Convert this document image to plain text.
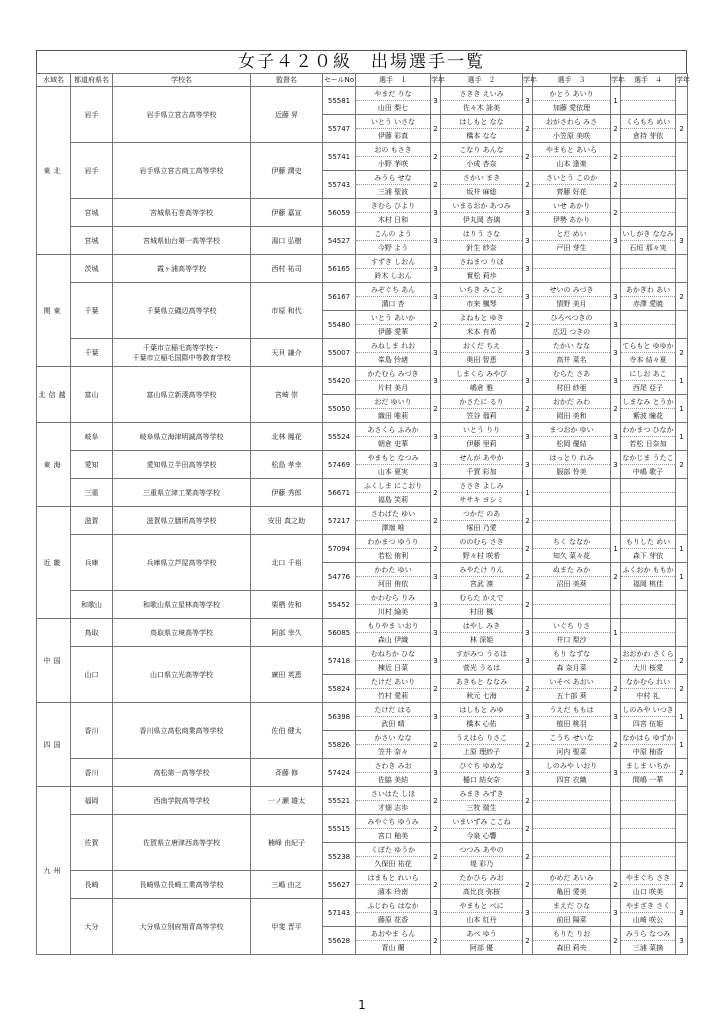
女子４２０級　出場選手一覧
水域名	都道府県名	学校名	監督名	セールNo	選手　１	学年	選手　２	学年	選手　３	学年	選手　４	学年
東北	岩手	岩手県立宮古高等学校	近藤 昇	55581	やまだ りな	3	さきき えいみ	3	かとう あいり	1		
					山田 梨七		佐々木 詠美		加藤 愛依理			
				55747	いとう いさな	2	はしもと なな	2	おがさわら みさ	2	くらもち めい	2
					伊藤 彩真		橋本 なな		小笠原 美咲		倉持 芽依	
	岩手	岩手県立宮古商工高等学校	伊藤 潤史	55741	おの もさき	2	こなり あんな	2	やまもと あいら	2		
					小野 茅咲		小成 杏奈		山本 逢楽			
				55743	みうら せな	2	さかい まき	2	さいとう このか	2		
					三浦 聖波		坂井 麻総		齊藤 好花			
	宮城	宮城県石巻高等学校	伊藤 嘉宣	56059	きむら ひより	3	いまるおか あつみ	3	いせ あかり	2		
					木村 日和		伊丸岡 杏璃		伊勢 あかり			
	宮城	宮城県仙台第一高等学校	湯口 弘樹	54527	こんの よう	3	はりう さな	3	とだ めい	3	いしがき ななみ	3
					今野 よう		針生 紗奈		戸田 芽生		石垣 那々実	
関東	茨城	霞ヶ浦高等学校	西村 祐司	56165	すずき しおん	3	さねまつ りほ	3				
					鈴木 しおん		實松 莉歩					
	千葉	千葉県立磯辺高等学校	市原 和代	56167	みぞぐち あん	3	いちき みこと	3	せいの みづき	3	あかぎわ あい	2
					溝口 杏		市来 楓琴		情野 美月		赤澤 愛暁	
				55480	いとう あいか	2	よねもと ゆき	2	ひろべつきの	3		
					伊藤 愛華		米本 有希		広辺 つきの			
	千葉	千葉市立稲毛高等学校・
千葉市立稲毛国際中等教育学校	天貝 謙介	55007	みねしま れお	3	おくだ ちえ	3	たかい なな	3	てらもと ゆゆか	2
					峯島 怜緒		奥田 智恵		高井 菜名		寺本 結々夏	
北信越	富山	富山県立新湊高等学校	宮崎 崇	55420	かたむら みづき	3	しまくら みやび	3	むらた さあ	3	にしお あこ	1
					片村 美月		嶋倉 雅		村田 紗亜		西尾 亞子	
				55050	おだ ゆいり	2	かさたに るり	2	おかだ みわ	2	しまなみ とうか	1
					織田 唯莉		笠谷 瑠莉		岡田 美和		紫波 瞳花	
東海	岐阜	岐阜県立海津明誠高等学校	北林 鳳花	55524	あさくら ふみか	3	いとう りり	3	まつおか ゆい	3	わかまつ ひなか	1
					朝倉 史華		伊藤 里莉		松岡 優結		若松 日奈加	
	愛知	愛知県立半田高等学校	松島 孝幸	57469	やまもと なつみ	3	せんが あやか	3	はっとり れみ	3	なかじま うたこ	2
					山本 夏実		千賀 彩加		服部 怜美		中嶋 歌子	
	三重	三重県立津工業高等学校	伊藤 秀郎	56671	ふくしま にこおり	2	ささき よしみ	1				
					福島 笑莉		ササキ ヨシミ					
近畿	滋賀	滋賀県立膳所高等学校	安田 真之助	57217	さわばた ゆい	2	つかだ のあ	2				
					澤端 唯		塚田 乃愛					
	兵庫	兵庫県立芦屋高等学校	北口 千裕	57094	わかまつ ゆうり	2	ののむら さき	2	ちく ななか	1	もりした めい	1
					若松 侑利		野々村 咲希		知久 菜々花		森下 芽依	
				54776	かわた ゆい	3	みやたけ りん	2	ぬまた みか	2	ふくおか ももか	1
					河田 侑依		宮武 凛		沼田 美葵		福岡 桃佳	
	和歌山	和歌山県立星林高等学校	栗栖 佐和	55452	かわむら りみ	3	むらた かえで	2				
					川村 綸美		村田 楓					
中国	鳥取	鳥取県立境高等学校	阿部 幸久	56085	もりやま いおり	3	はやし みき	3	いぐち りさ	1		
					森山 伊織		林 深姫		井口 梨沙			
	山口	山口県立光高等学校	廣田 英恵	57418	むねちか ひな	3	すがみつ うるは	3	もり なずな	2	おおかわ さくら	2
					棟近 日菜		菅光 うるは		森 奈月菜		大川 桜愛	
				55824	たけだ あいり	2	あきもと ななみ	2	いそべ あおい	2	なかむら れい	2
					竹村 愛莉		秋元 七海		五十部 葵		中村 礼	
四国	香川	香川県立高松商業高等学校	佐伯 健太	56398	たけだ はる	3	はしもと みゆ	3	うえだ ももは	3	しのみや いつき	1
					武田 晴		橋本 心佑		植田 桃羽		四宮 伍姫	
				55826	かさい なな	2	うえはら りさこ	2	こうち せいな	2	なかはら ゆずか	1
					笠井 奈々		上原 理紗子		河内 聖菜		中原 柚香	
	香川	高松第一高等学校	斉藤 修	57424	さわき みお	3	ひぐち ゆめな	3	しのみや いおり	3	ましま いちか	2
					佐脇 美結		樋口 結女奈		四宮 衣織		間嶋 一華	
九州	福岡	西南学院高等学校	一ノ瀬 雄太	55521	さいはた しほ	2	みまき みずき	2				
					才畑 志歩		三牧 瑞生					
	佐賀	佐賀県立唐津西高等学校	楠峰 由紀子	55515	みやぐち ゆうみ	2	いまいずみ ここね	2				
					宮口 釉美		今泉 心響					
				55238	くぼた ゆうか	2	つつみ あやの	2				
					久保田 祐花		堤 彩乃					
	長崎	長崎県立長崎工業高等学校	三嶋 由之	55627	はまもと れいら	2	たかひら みお	2	かめだ あいみ	2	やまぐち さき	2
					濱本 玲南		高比良 弥桜		亀田 愛美		山口 咲美	
	大分	大分県立別府翔青高等学校	甲斐 晋平	57143	ふじわら はなか	3	やまもと べに	3	まえだ ひな	3	やまざき さく	3
					藤原 花香		山本 紅丹		前田 陽菜		山崎 咲公	
				55628	あおやま らん	2	あべ ゆう	2	もりた りお	2	みうら なつみ	3
					青山 蘭		阿部 優		森田 莉央		三浦 菜摘	
1
